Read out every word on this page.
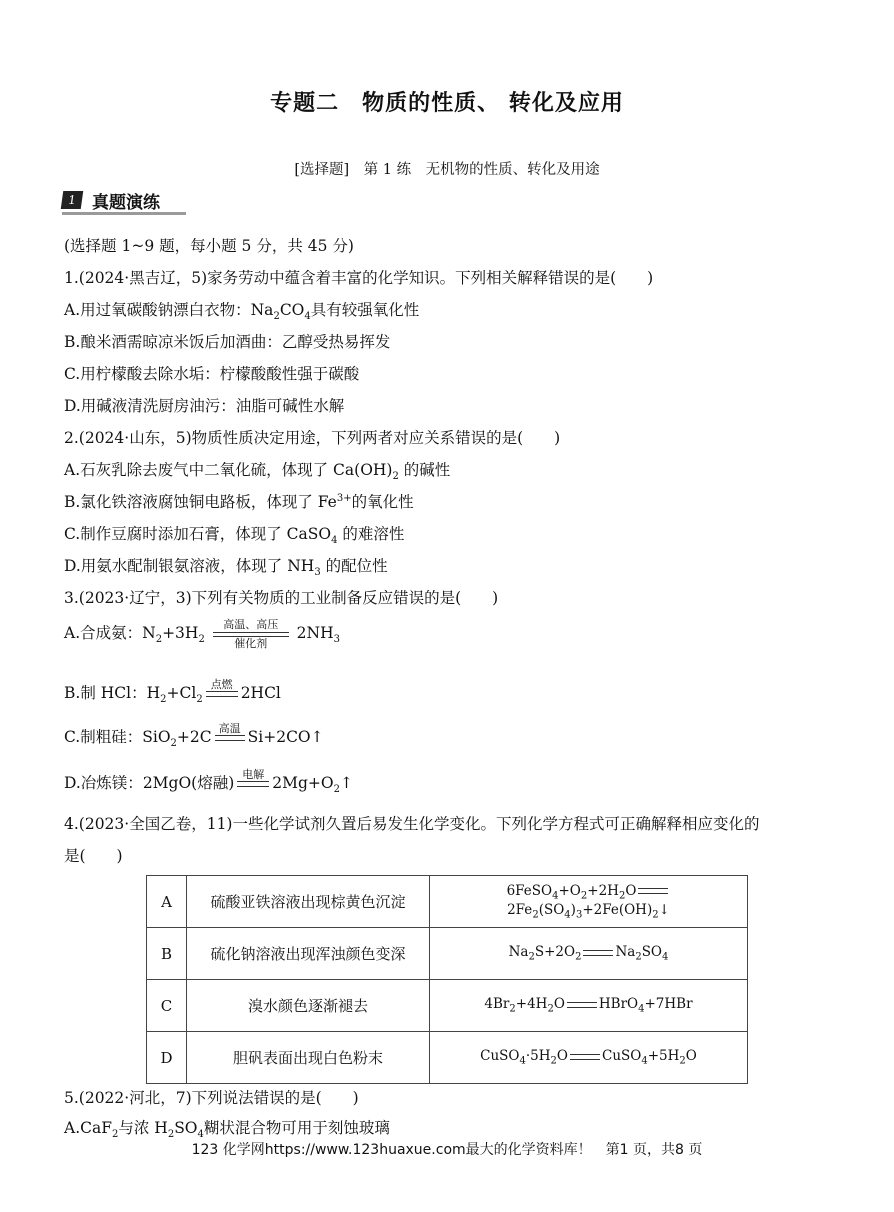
专题二　物质的性质、 转化及应用
[选择题]　第 1 练　无机物的性质、转化及用途
1 真题演练
(选择题 1~9 题，每小题 5 分，共 45 分)
1.(2024·黑吉辽，5)家务劳动中蕴含着丰富的化学知识。下列相关解释错误的是(　　)
A.用过氧碳酸钠漂白衣物：$Na_2CO_4$具有较强氧化性
B.酿米酒需晾凉米饭后加酒曲：乙醇受热易挥发
C.用柠檬酸去除水垢：柠檬酸酸性强于碳酸
D.用碱液清洗厨房油污：油脂可碱性水解
2.(2024·山东，5)物质性质决定用途，下列两者对应关系错误的是(　　)
A.石灰乳除去废气中二氧化硫，体现了 $Ca(OH)_2$ 的碱性
B.氯化铁溶液腐蚀铜电路板，体现了 $Fe^{3+}$的氧化性
C.制作豆腐时添加石膏，体现了 CaSO$_4$ 的难溶性
D.用氨水配制银氨溶液，体现了 $NH_3$ 的配位性
3.(2023·辽宁，3)下列有关物质的工业制备反应错误的是(　　)
A.合成氨：$N_2+3H_2$
高温、高压
催化剂
$2NH_3$
B.制 HCl：$H_2+Cl_2$
点燃
2HCl
C.制粗硅：SiO$_2$+2C 高温
Si+2CO↑
D.冶炼镁：2MgO(熔融) 电解
$2Mg+O_2↑$
4.(2023·全国乙卷，11)一些化学试剂久置后易发生化学变化。下列化学方程式可正确解释相应变化的
是(　　)
A	硫酸亚铁溶液出现棕黄色沉淀	$6FeSO_4+O_2+2H_2O2Fe_2(SO_4)_3+2Fe(OH)_2↓$
B	硫化钠溶液出现浑浊颜色变深	$Na_2S+2O_2$ $Na_2SO_4$
C	溴水颜色逐渐褪去	$4Br_2+4H_2O$ HBrO$_4$+7HBr
D	胆矾表面出现白色粉末	$CuSO_4\cdot 5H_2O$ $CuSO_4+5H_2O$
5.(2022·河北，7)下列说法错误的是(　　)
A.CaF$_2$与浓 $H_2SO_4$糊状混合物可用于刻蚀玻璃
123 化学网https://www.123huaxue.com最大的化学资料库！　第1 页，共8 页
